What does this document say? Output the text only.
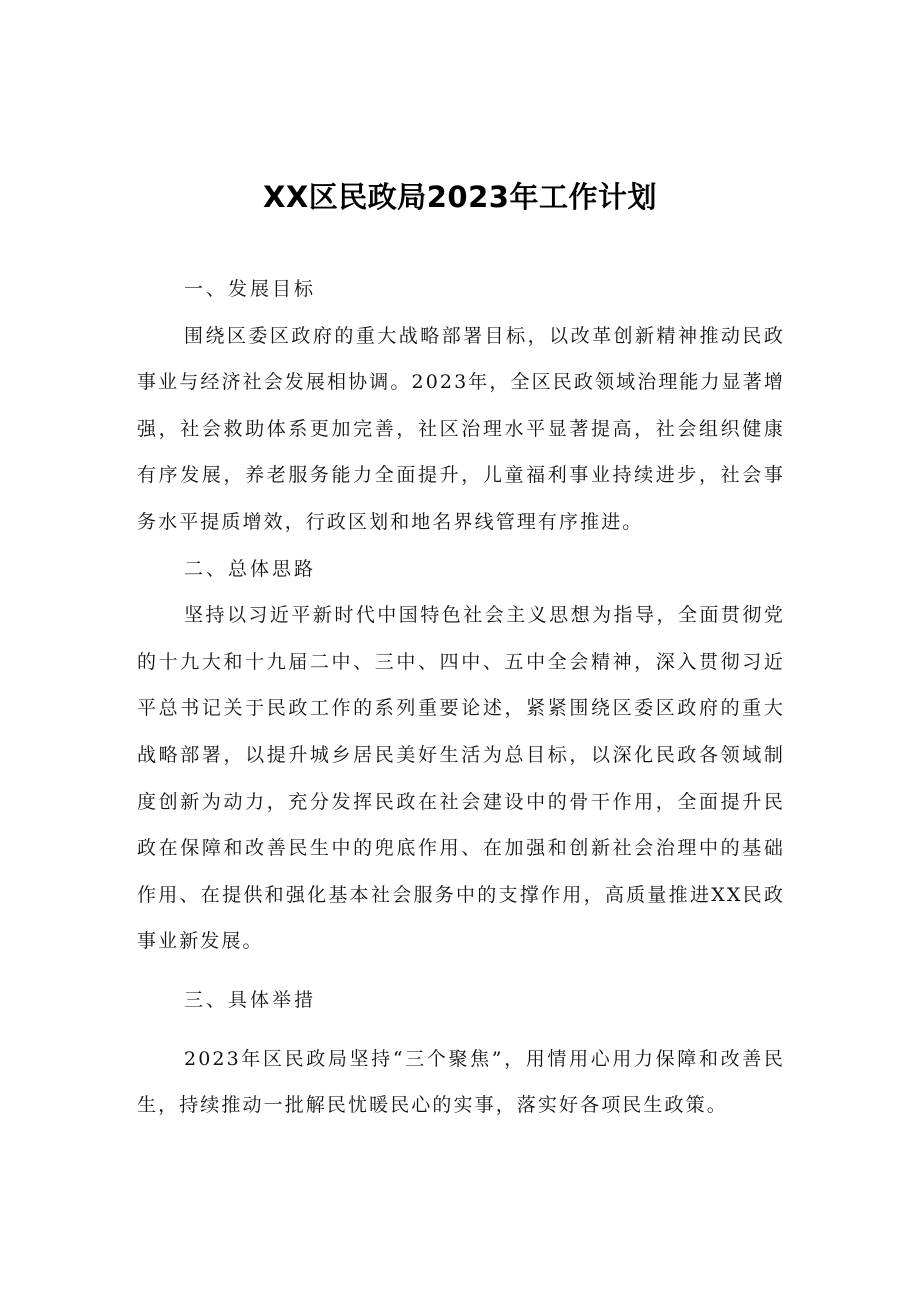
XX区民政局2023年工作计划

一、发展目标

围绕区委区政府的重大战略部署目标，以改革创新精神推动民政事业与经济社会发展相协调。2023年，全区民政领域治理能力显著增强，社会救助体系更加完善，社区治理水平显著提高，社会组织健康有序发展，养老服务能力全面提升，儿童福利事业持续进步，社会事务水平提质增效，行政区划和地名界线管理有序推进。

二、总体思路

坚持以习近平新时代中国特色社会主义思想为指导，全面贯彻党的十九大和十九届二中、三中、四中、五中全会精神，深入贯彻习近平总书记关于民政工作的系列重要论述，紧紧围绕区委区政府的重大战略部署，以提升城乡居民美好生活为总目标，以深化民政各领域制度创新为动力，充分发挥民政在社会建设中的骨干作用，全面提升民政在保障和改善民生中的兜底作用、在加强和创新社会治理中的基础作用、在提供和强化基本社会服务中的支撑作用，高质量推进XX民政事业新发展。

三、具体举措

2023年区民政局坚持“三个聚焦”，用情用心用力保障和改善民生，持续推动一批解民忧暖民心的实事，落实好各项民生政策。
